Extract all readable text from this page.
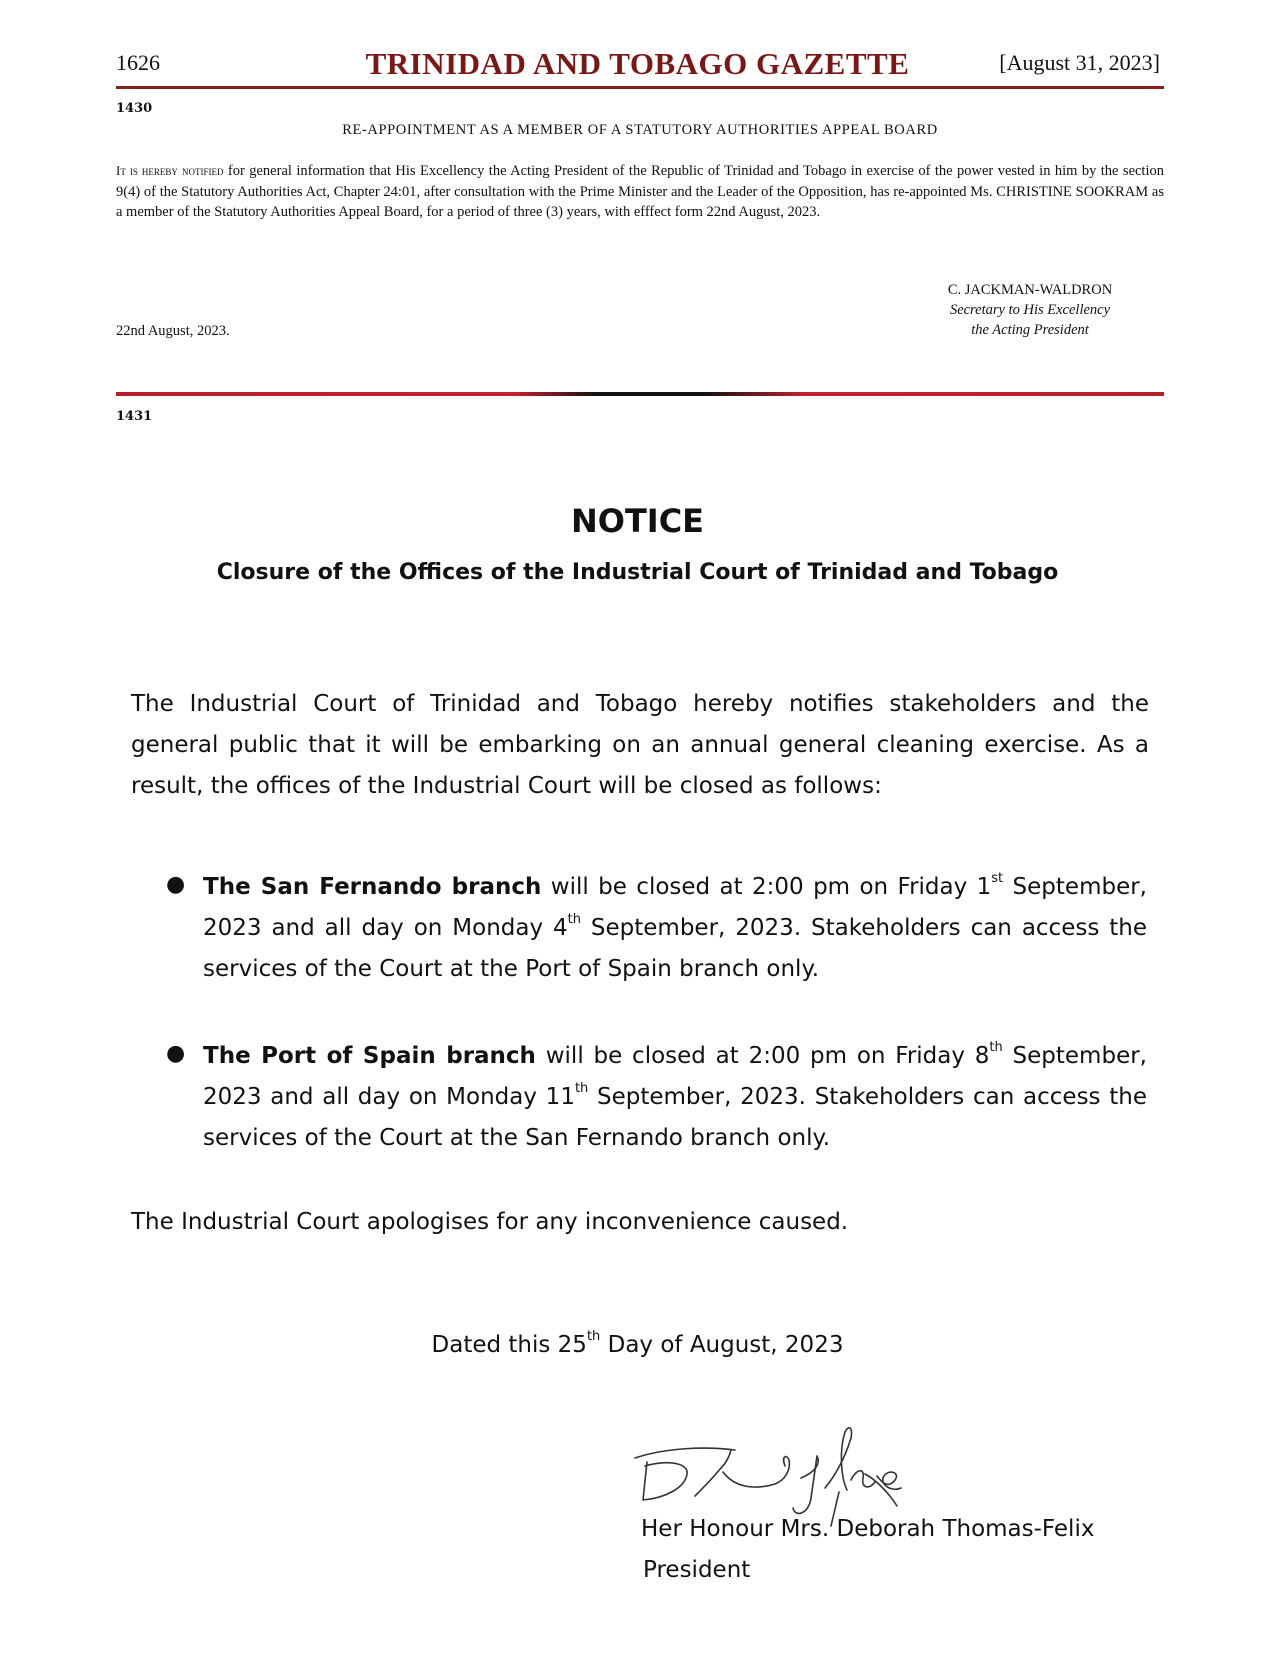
1626	TRINIDAD AND TOBAGO GAZETTE	[August 31, 2023]
1430
RE-APPOINTMENT AS A MEMBER OF A STATUTORY AUTHORITIES APPEAL BOARD
It is hereby notified for general information that His Excellency the Acting President of the Republic of Trinidad and Tobago in exercise of the power vested in him by the section 9(4) of the Statutory Authorities Act, Chapter 24:01, after consultation with the Prime Minister and the Leader of the Opposition, has re-appointed Ms. CHRISTINE SOOKRAM as a member of the Statutory Authorities Appeal Board, for a period of three (3) years, with efffect form 22nd August, 2023.
22nd August, 2023.
C. JACKMAN-WALDRON
Secretary to His Excellency
the Acting President
1431
NOTICE
Closure of the Offices of the Industrial Court of Trinidad and Tobago
The Industrial Court of Trinidad and Tobago hereby notifies stakeholders and the general public that it will be embarking on an annual general cleaning exercise. As a result, the offices of the Industrial Court will be closed as follows:
● The San Fernando branch will be closed at 2:00 pm on Friday 1st September, 2023 and all day on Monday 4th September, 2023. Stakeholders can access the services of the Court at the Port of Spain branch only.
● The Port of Spain branch will be closed at 2:00 pm on Friday 8th September, 2023 and all day on Monday 11th September, 2023. Stakeholders can access the services of the Court at the San Fernando branch only.
The Industrial Court apologises for any inconvenience caused.
Dated this 25th Day of August, 2023
Her Honour Mrs. Deborah Thomas-Felix
President
